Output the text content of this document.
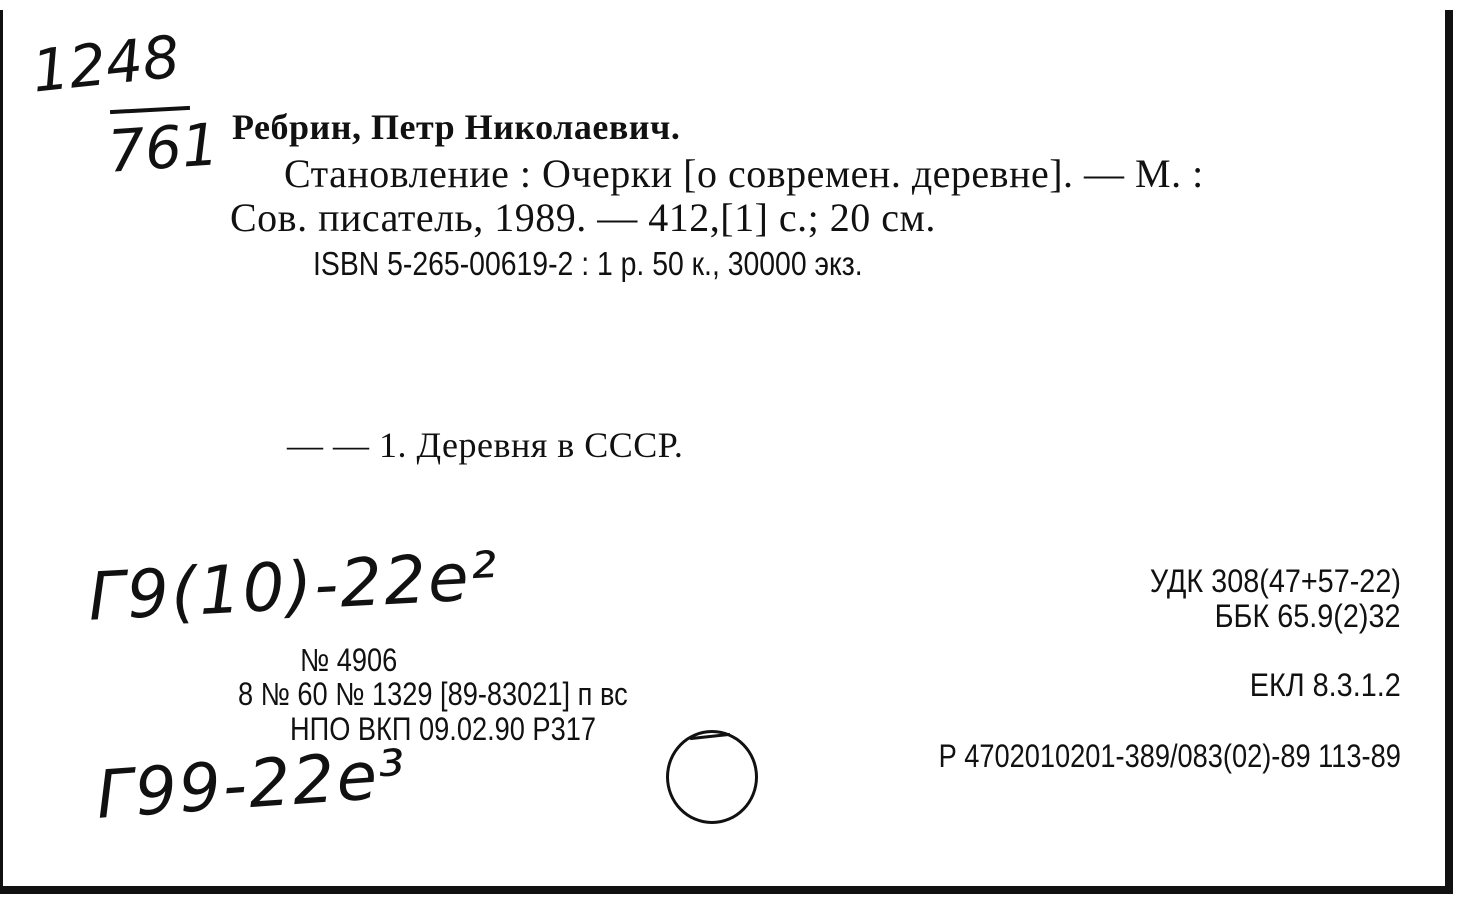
1248
761 Ребрин, Петр Николаевич.
Становление : Очерки [о современ. деревне]. — М. :
Сов. писатель, 1989. — 412,[1] с.; 20 см.
ISBN 5-265-00619-2 : 1 р. 50 к., 30000 экз.
— — 1. Деревня в СССР.
Г9(10)-22е²
№ 4906
8 № 60 № 1329 [89-83021] п вс
НПО ВКП 09.02.90 Р317
УДК 308(47+57-22)
ББК 65.9(2)32
ЕКЛ 8.3.1.2
Р 4702010201-389/083(02)-89 113-89
Г99-22е³
